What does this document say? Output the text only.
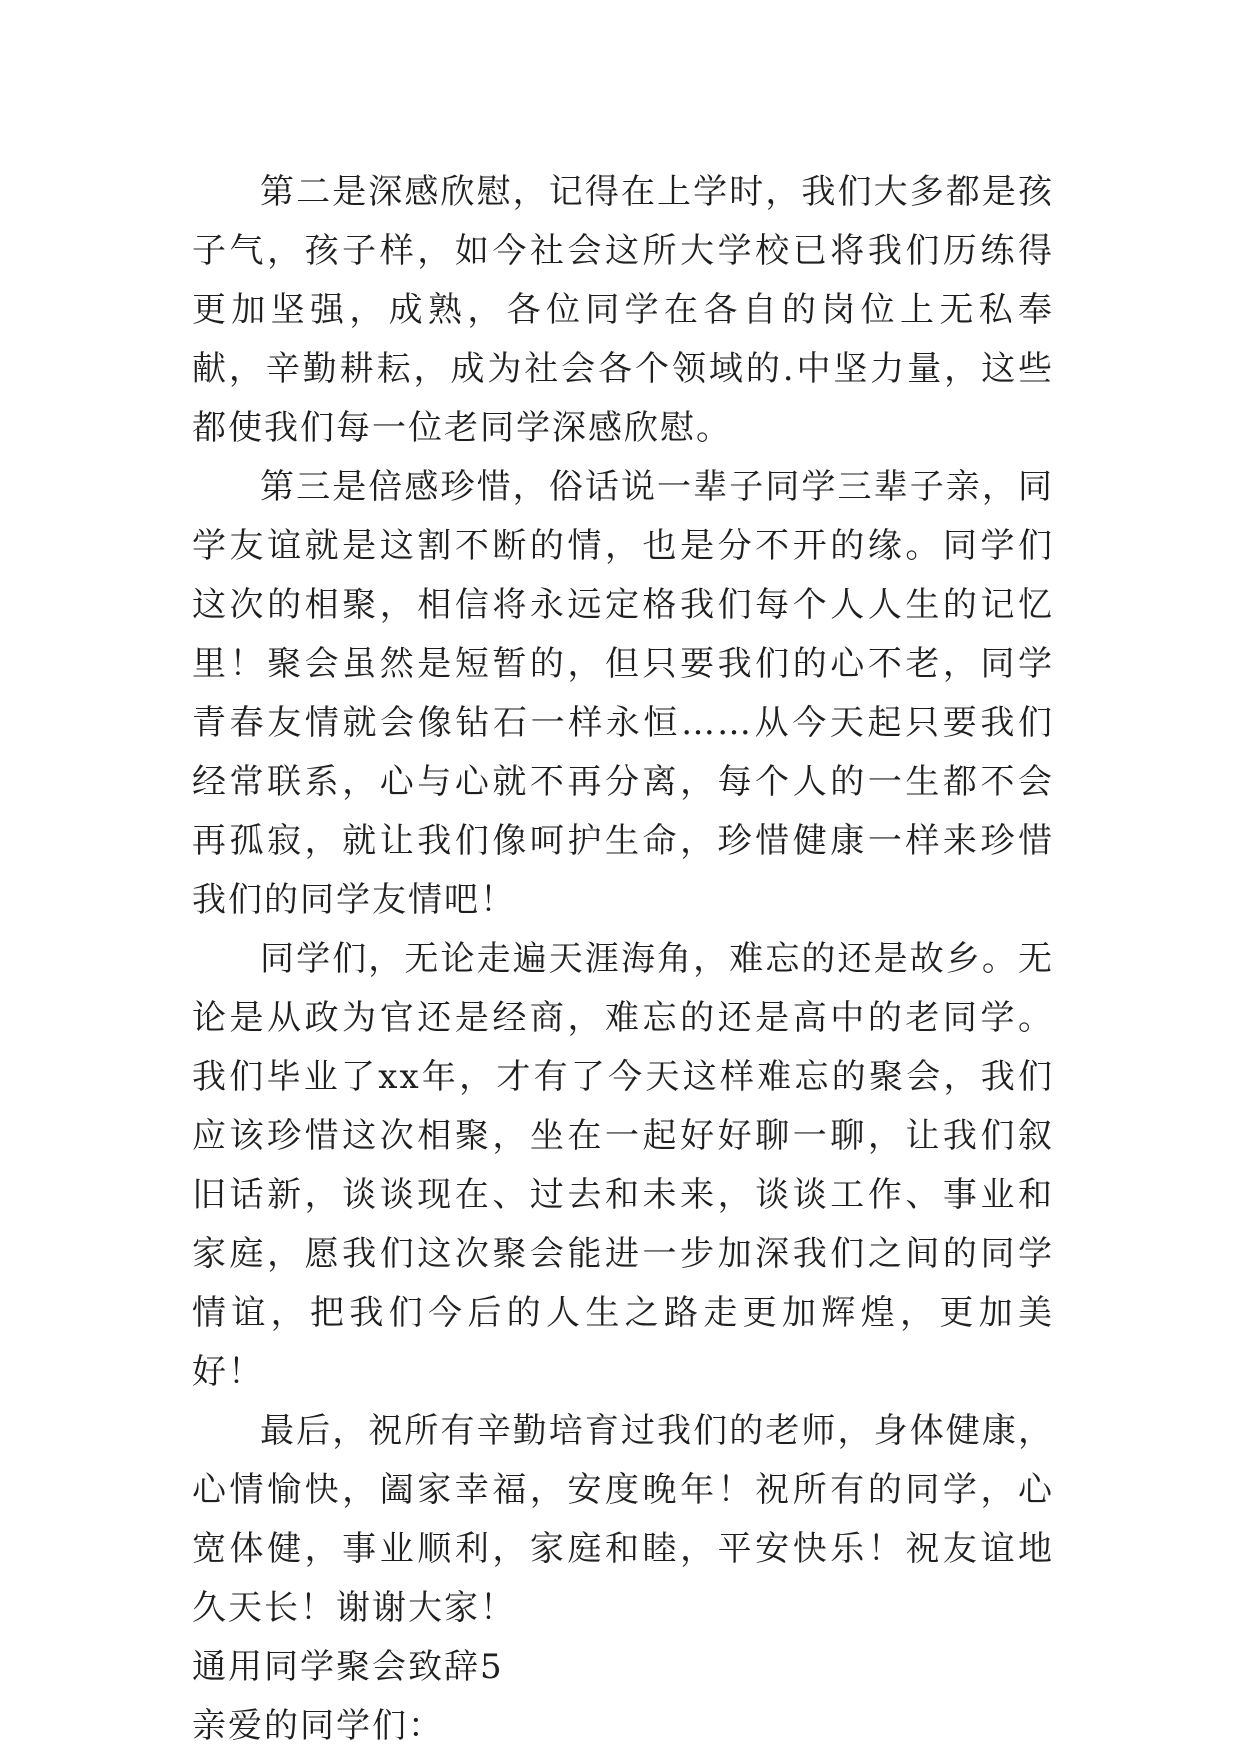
第二是深感欣慰，记得在上学时，我们大多都是孩子气，孩子样，如今社会这所大学校已将我们历练得更加坚强，成熟，各位同学在各自的岗位上无私奉献，辛勤耕耘，成为社会各个领域的.中坚力量，这些都使我们每一位老同学深感欣慰。

第三是倍感珍惜，俗话说一辈子同学三辈子亲，同学友谊就是这割不断的情，也是分不开的缘。同学们这次的相聚，相信将永远定格我们每个人人生的记忆里！聚会虽然是短暂的，但只要我们的心不老，同学青春友情就会像钻石一样永恒……从今天起只要我们经常联系，心与心就不再分离，每个人的一生都不会再孤寂，就让我们像呵护生命，珍惜健康一样来珍惜我们的同学友情吧！

同学们，无论走遍天涯海角，难忘的还是故乡。无论是从政为官还是经商，难忘的还是高中的老同学。我们毕业了xx年，才有了今天这样难忘的聚会，我们应该珍惜这次相聚，坐在一起好好聊一聊，让我们叙旧话新，谈谈现在、过去和未来，谈谈工作、事业和家庭，愿我们这次聚会能进一步加深我们之间的同学情谊，把我们今后的人生之路走更加辉煌，更加美好！

最后，祝所有辛勤培育过我们的老师，身体健康，心情愉快，阖家幸福，安度晚年！祝所有的同学，心宽体健，事业顺利，家庭和睦，平安快乐！祝友谊地久天长！谢谢大家！

通用同学聚会致辞5

亲爱的同学们：
